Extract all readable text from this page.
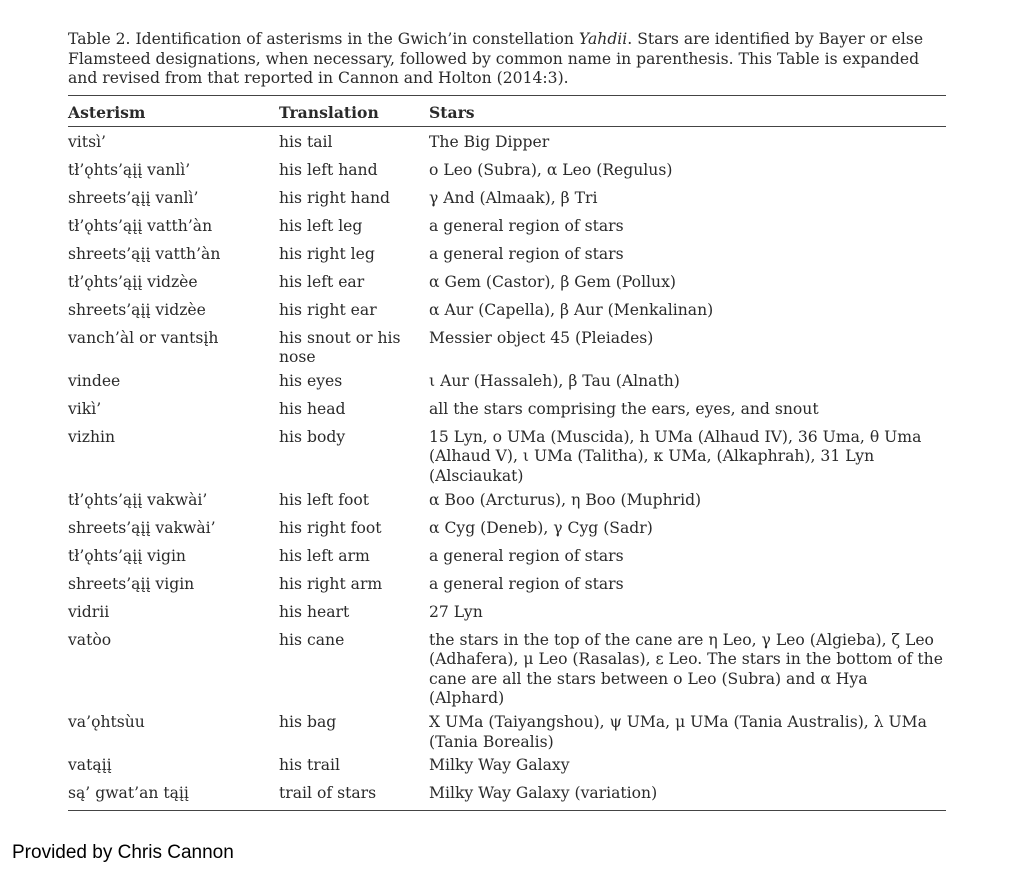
Table 2. Identification of asterisms in the Gwich’in constellation Yahdii. Stars are identified by Bayer or else Flamsteed designations, when necessary, followed by common name in parenthesis. This Table is expanded and revised from that reported in Cannon and Holton (2014:3).
Asterism	Translation	Stars
vitsì’	his tail	The Big Dipper
tł’ǫhts’ąįį vanlì’	his left hand	o Leo (Subra), α Leo (Regulus)
shreets’ąįį vanlì’	his right hand	γ And (Almaak), β Tri
tł’ǫhts’ąįį vatth’àn	his left leg	a general region of stars
shreets’ąįį vatth’àn	his right leg	a general region of stars
tł’ǫhts’ąįį vidzèe	his left ear	α Gem (Castor), β Gem (Pollux)
shreets’ąįį vidzèe	his right ear	α Aur (Capella), β Aur (Menkalinan)
vanch’àl or vantsįh	his snout or his nose	Messier object 45 (Pleiades)
vindee	his eyes	ι Aur (Hassaleh), β Tau (Alnath)
vikì’	his head	all the stars comprising the ears, eyes, and snout
vizhin	his body	15 Lyn, o UMa (Muscida), h UMa (Alhaud IV), 36 Uma, θ Uma (Alhaud V), ι UMa (Talitha), κ UMa, (Alkaphrah), 31 Lyn (Alsciaukat)
tł’ǫhts’ąįį vakwài’	his left foot	α Boo (Arcturus), η Boo (Muphrid)
shreets’ąįį vakwài’	his right foot	α Cyg (Deneb), γ Cyg (Sadr)
tł’ǫhts’ąįį vigin	his left arm	a general region of stars
shreets’ąįį vigin	his right arm	a general region of stars
vidrii	his heart	27 Lyn
vatòo	his cane	the stars in the top of the cane are η Leo, γ Leo (Algieba), ζ Leo (Adhafera), μ Leo (Rasalas), ε Leo. The stars in the bottom of the cane are all the stars between o Leo (Subra) and α Hya (Alphard)
va’ǫhtsùu	his bag	X UMa (Taiyangshou), ψ UMa, μ UMa (Tania Australis), λ UMa (Tania Borealis)
vatąįį	his trail	Milky Way Galaxy
są’ gwat’an tąįį	trail of stars	Milky Way Galaxy (variation)
Provided by Chris Cannon
